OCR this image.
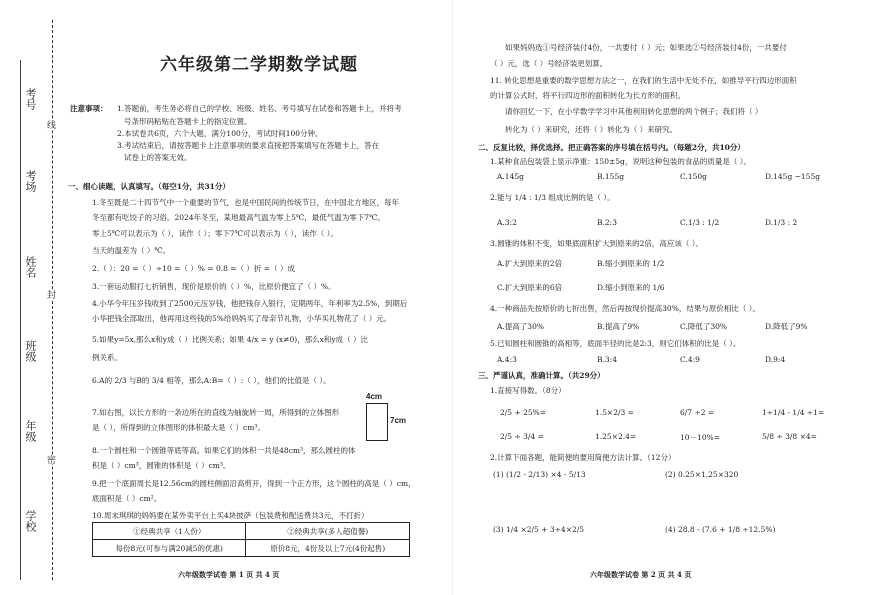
考号
考场
姓名
班级
年级
学校
线
封
密
六年级第二学期数学试题
注意事项： 1.答题前，考生务必将自己的学校、班级、姓名、考号填写在试卷和答题卡上，并将考
号条形码粘贴在答题卡上的指定位置。
2.本试卷共6页，六个大题，满分100分，考试时间100分钟。
3.考试结束后，请按答题卡上注意事项的要求直接把答案填写在答题卡上，答在
试卷上的答案无效。
一、细心读题，认真填写。（每空1分，共31分）
1.冬至既是二十四节气中一个重要的节气，也是中国民间的传统节日，在中国北方地区，每年
冬至都有吃饺子的习俗。2024年冬至，某地最高气温为零上5℃，最低气温为零下7℃。
零上5℃可以表示为（ ），读作（ ）；零下7℃可以表示为（ ），读作（ ）。
当天的温差为（ ）℃。
2.（ ）：20 =（ ）÷10 =（ ）% = 0.8 =（ ）折 =（ ）成
3.一套运动服打七折销售，现价是原价的（ ）%，比原价便宜了（ ）%。
4.小华今年压岁钱收到了2500元压岁钱，他把钱存入银行，定期两年，年利率为2.5%，到期后
小华把钱全部取出，他再用这些钱的5%给妈妈买了母亲节礼物，小华买礼物花了（ ）元。
5.如果y=5x,那么x和y成（ ）比例关系；如果 4/x = y (x≠0)，那么x和y成（ ）比
例关系。
6.A的 2/3 与B的 3/4 相等，那么A:B=（ ）:（ ），他们的比值是（ ）。
7.如右图，以长方形的一条边所在的直线为轴旋转一周，所得到的立体图形
是（ ），所得到的立体图形的体积最大是（ ）cm³。
4cm
7cm
8.一个圆柱和一个圆锥等底等高。如果它们的体积一共是48cm³，那么圆柱的体
积是（ ）cm³，圆锥的体积是（ ）cm³。
9.把一个底面周长是12.56cm的圆柱侧面沿高剪开，得到一个正方形，这个圆柱的高是（ ）cm，
底面积是（ ）cm²。
10.周末琪琪的妈妈要在某外卖平台上买4块披萨（包装费和配送费共3元，不打折）
①经典共享（1人份）	②经典共享(多人超值餐)
每份8元(可参与满20减5的优惠)	原价8元，4份及以上7元(4份起售)
六年级数学试卷 第 1 页 共 4 页
如果妈妈选①号经济装付4份，一共要付（ ）元；如果选②号经济装付4份，一共要付
（ ）元，选（ ）号经济装更划算。
11. 转化思想是重要的数学思想方法之一，在我们的生活中无处不在，如推导平行四边形面积
的计算公式时，将平行四边形的面积转化为长方形的面积。
请你回忆一下，在小学数学学习中其他利用转化思想的两个例子；我们将（ ）
转化为（ ）来研究，还将（ ）转化为（ ）来研究。
二、反复比较，择优选择。把正确答案的序号填在括号内。（每题2分，共10分）
1.某种食品包装袋上显示净重：150±5g，说明这种包装的食品的质量是（ ）。
A.145g	B.155g	C.150g	D.145g ~155g
2.能与 1/4 : 1/3 组成比例的是（ ）。
A.3:2	B.2:3	C.1/3 : 1/2	D.1/3 : 2
3.圆锥的体积不变，如果底面积扩大到原来的2倍，高应该（ ）。
A.扩大到原来的2倍	B.缩小到原来的 1/2
C.扩大到原来的6倍	D.缩小到原来的 1/6
4.一种商品先按原价的七折出售，然后再按现价提高30%，结果与原价相比（ ）。
A.提高了30%	B.提高了9%	C.降低了30%	D.降低了9%
5.已知圆柱和圆锥的高相等，底面半径的比是2:3，则它们体积的比是（ ）。
A.4:3	B.3:4	C.4:9	D.9:4
三、严谨认真，准确计算。（共29分）
1.直接写得数。（8分）
2/5 + 25%=	1.5×2/3 =	6/7 ÷2 =	1÷1/4 - 1/4 ÷1=
2/5 ÷ 3/4 =	1.25×2.4=	10－10%=	5/8 ÷ 3/8 ×4=
2.计算下面各题，能简便的要用简便方法计算。（12分）
(1) (1/2 - 2/13) ×4 - 5/13	(2) 0.25×1.25×320
(3) 1/4 ×2/5 + 3÷4×2/5	(4) 28.8 - (7.6 + 1/8 ÷12.5%)
六年级数学试卷 第 2 页 共 4 页
